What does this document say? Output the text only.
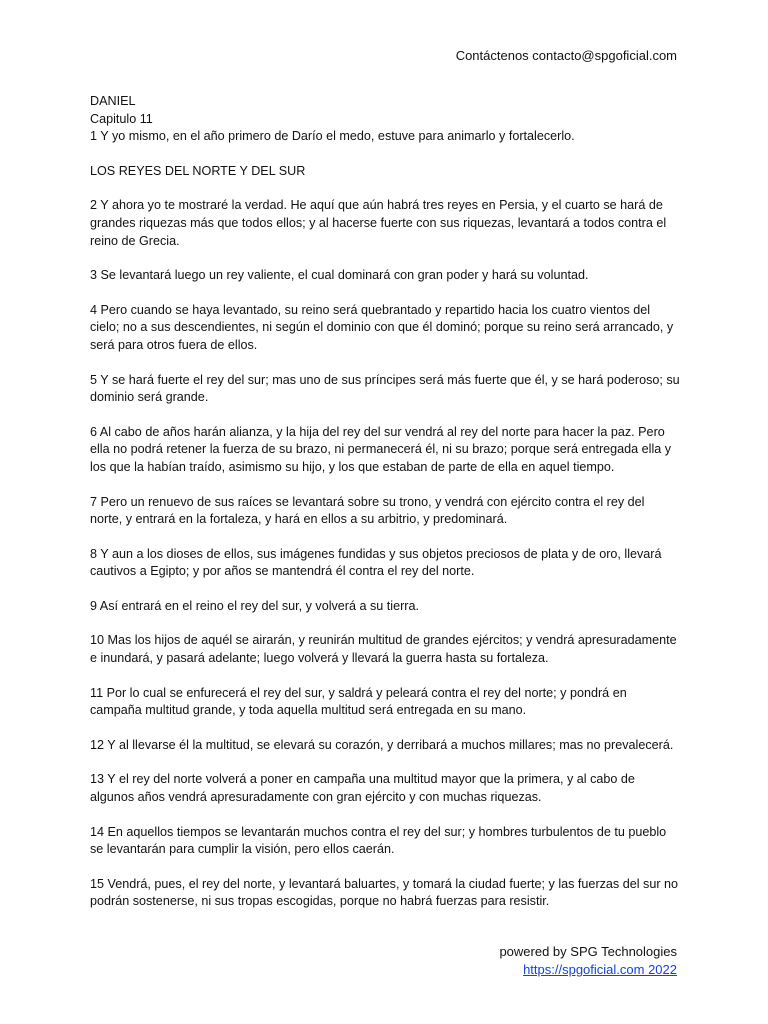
Contáctenos contacto@spgoficial.com
DANIEL
Capitulo 11
1 Y yo mismo, en el año primero de Darío el medo, estuve para animarlo y fortalecerlo.
LOS REYES DEL NORTE Y DEL SUR

2 Y ahora yo te mostraré la verdad. He aquí que aún habrá tres reyes en Persia, y el cuarto se hará de grandes riquezas más que todos ellos; y al hacerse fuerte con sus riquezas, levantará a todos contra el reino de Grecia.

3 Se levantará luego un rey valiente, el cual dominará con gran poder y hará su voluntad.

4 Pero cuando se haya levantado, su reino será quebrantado y repartido hacia los cuatro vientos del cielo; no a sus descendientes, ni según el dominio con que él dominó; porque su reino será arrancado, y será para otros fuera de ellos.

5 Y se hará fuerte el rey del sur; mas uno de sus príncipes será más fuerte que él, y se hará poderoso; su dominio será grande.

6 Al cabo de años harán alianza, y la hija del rey del sur vendrá al rey del norte para hacer la paz. Pero ella no podrá retener la fuerza de su brazo, ni permanecerá él, ni su brazo; porque será entregada ella y los que la habían traído, asimismo su hijo, y los que estaban de parte de ella en aquel tiempo.

7 Pero un renuevo de sus raíces se levantará sobre su trono, y vendrá con ejército contra el rey del norte, y entrará en la fortaleza, y hará en ellos a su arbitrio, y predominará.

8 Y aun a los dioses de ellos, sus imágenes fundidas y sus objetos preciosos de plata y de oro, llevará cautivos a Egipto; y por años se mantendrá él contra el rey del norte.

9 Así entrará en el reino el rey del sur, y volverá a su tierra.

10 Mas los hijos de aquél se airarán, y reunirán multitud de grandes ejércitos; y vendrá apresuradamente e inundará, y pasará adelante; luego volverá y llevará la guerra hasta su fortaleza.

11 Por lo cual se enfurecerá el rey del sur, y saldrá y peleará contra el rey del norte; y pondrá en campaña multitud grande, y toda aquella multitud será entregada en su mano.

12 Y al llevarse él la multitud, se elevará su corazón, y derribará a muchos millares; mas no prevalecerá.

13 Y el rey del norte volverá a poner en campaña una multitud mayor que la primera, y al cabo de algunos años vendrá apresuradamente con gran ejército y con muchas riquezas.

14 En aquellos tiempos se levantarán muchos contra el rey del sur; y hombres turbulentos de tu pueblo se levantarán para cumplir la visión, pero ellos caerán.

15 Vendrá, pues, el rey del norte, y levantará baluartes, y tomará la ciudad fuerte; y las fuerzas del sur no podrán sostenerse, ni sus tropas escogidas, porque no habrá fuerzas para resistir.

powered by SPG Technologies
https://spgoficial.com 2022
